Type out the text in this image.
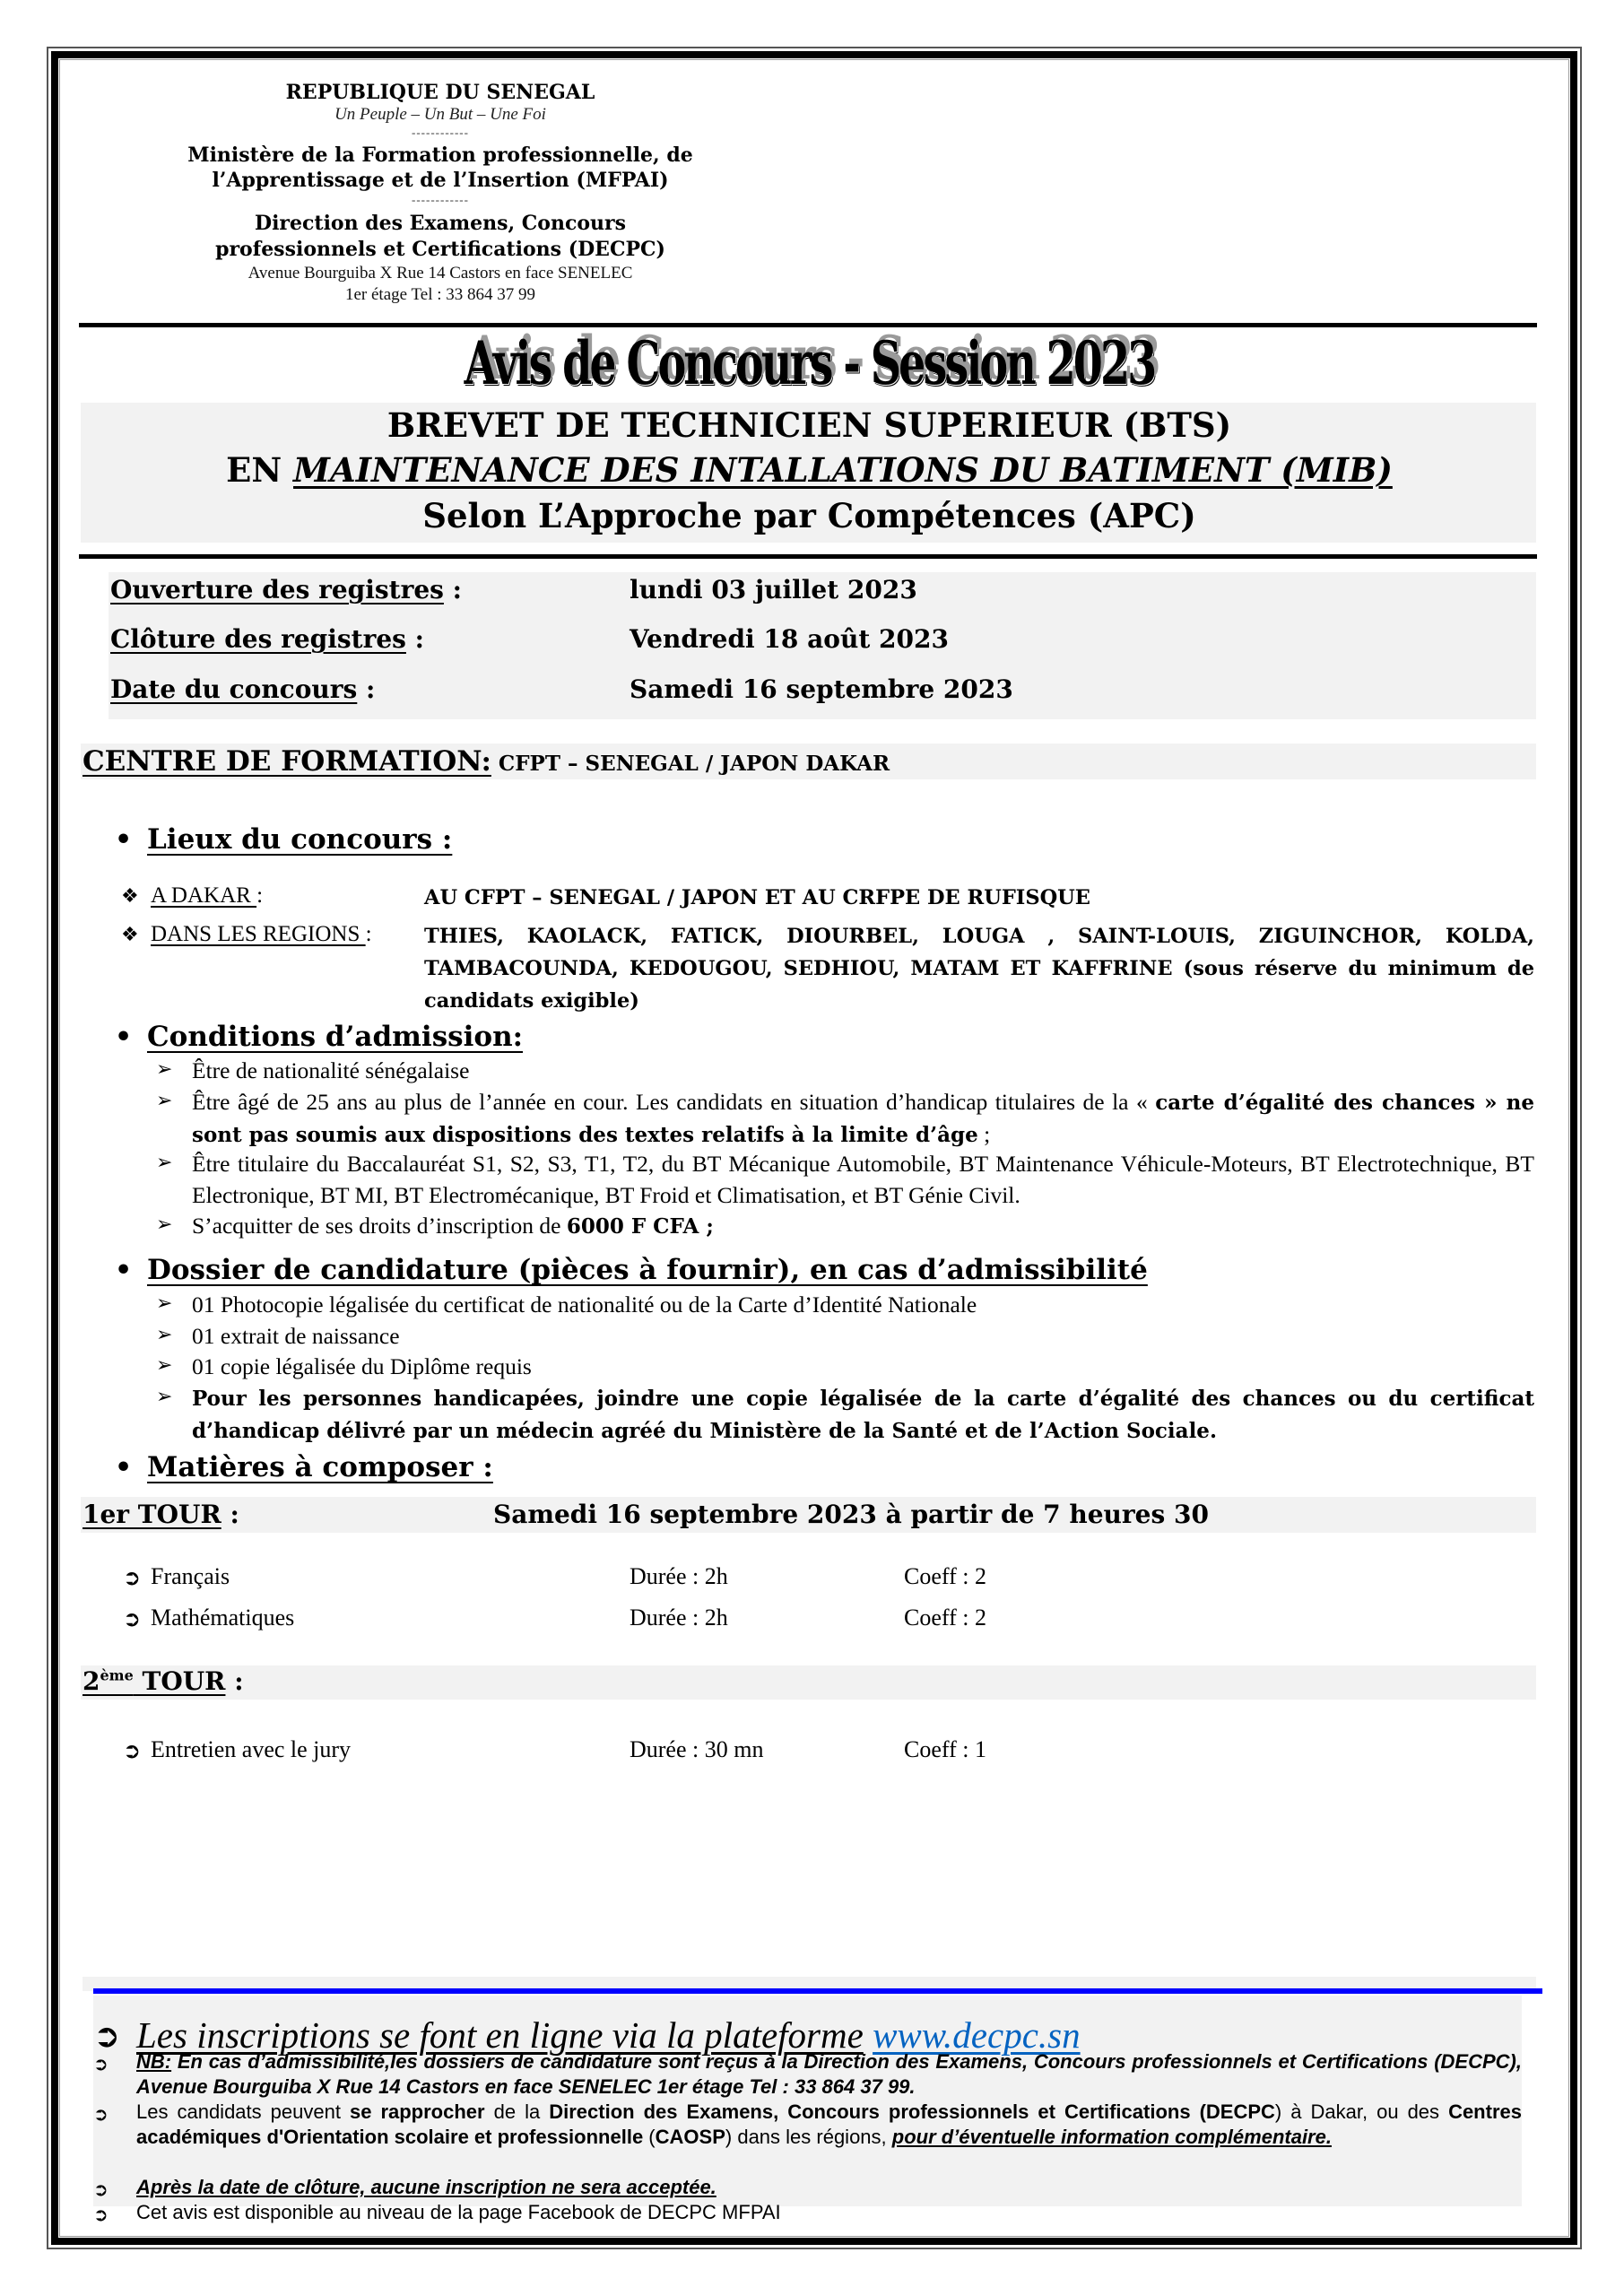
REPUBLIQUE DU SENEGAL
Un Peuple – Un But – Une Foi
------------
Ministère de la Formation professionnelle, de
l’Apprentissage et de l’Insertion (MFPAI)
------------
Direction des Examens, Concours
professionnels et Certifications (DECPC)
Avenue Bourguiba X Rue 14 Castors en face SENELEC
1er étage Tel : 33 864 37 99
Avis de Concours - Session 2023
BREVET DE TECHNICIEN SUPERIEUR (BTS)
EN MAINTENANCE DES INTALLATIONS DU BATIMENT (MIB)
Selon L’Approche par Compétences (APC)
Ouverture des registres :	lundi 03 juillet 2023
Clôture des registres :	Vendredi 18 août 2023
Date du concours :	Samedi 16 septembre 2023
CENTRE DE FORMATION: CFPT – SENEGAL / JAPON DAKAR
• Lieux du concours :
❖ A DAKAR :	AU CFPT – SENEGAL / JAPON ET AU CRFPE DE RUFISQUE
❖ DANS LES REGIONS :	THIES, KAOLACK, FATICK, DIOURBEL, LOUGA , SAINT-LOUIS, ZIGUINCHOR, KOLDA, TAMBACOUNDA, KEDOUGOU, SEDHIOU, MATAM ET KAFFRINE (sous réserve du minimum de candidats exigible)
• Conditions d’admission:
➢ Être de nationalité sénégalaise
➢ Être âgé de 25 ans au plus de l’année en cour. Les candidats en situation d’handicap titulaires de la « carte d’égalité des chances » ne sont pas soumis aux dispositions des textes relatifs à la limite d’âge ;
➢ Être titulaire du Baccalauréat S1, S2, S3, T1, T2, du BT Mécanique Automobile, BT Maintenance Véhicule-Moteurs, BT Electrotechnique, BT Electronique, BT MI, BT Electromécanique, BT Froid et Climatisation, et BT Génie Civil.
➢ S’acquitter de ses droits d’inscription de 6000 F CFA ;
• Dossier de candidature (pièces à fournir), en cas d’admissibilité
➢ 01 Photocopie légalisée du certificat de nationalité ou de la Carte d’Identité Nationale
➢ 01 extrait de naissance
➢ 01 copie légalisée du Diplôme requis
➢ Pour les personnes handicapées, joindre une copie légalisée de la carte d’égalité des chances ou du certificat d’handicap délivré par un médecin agréé du Ministère de la Santé et de l’Action Sociale.
• Matières à composer :
1er TOUR :	Samedi 16 septembre 2023 à partir de 7 heures 30
➲ Français	Durée : 2h	Coeff : 2
➲ Mathématiques	Durée : 2h	Coeff : 2
2ème TOUR :
➲ Entretien avec le jury	Durée : 30 mn	Coeff : 1
➲ Les inscriptions se font en ligne via la plateforme www.decpc.sn
➲ NB: En cas d’admissibilité,les dossiers de candidature sont reçus à la Direction des Examens, Concours professionnels et Certifications (DECPC), Avenue Bourguiba X Rue 14 Castors en face SENELEC 1er étage Tel : 33 864 37 99.
➲ Les candidats peuvent se rapprocher de la Direction des Examens, Concours professionnels et Certifications (DECPC) à Dakar, ou des Centres académiques d'Orientation scolaire et professionnelle (CAOSP) dans les régions, pour d’éventuelle information complémentaire.
➲ Après la date de clôture, aucune inscription ne sera acceptée.
➲ Cet avis est disponible au niveau de la page Facebook de DECPC MFPAI
